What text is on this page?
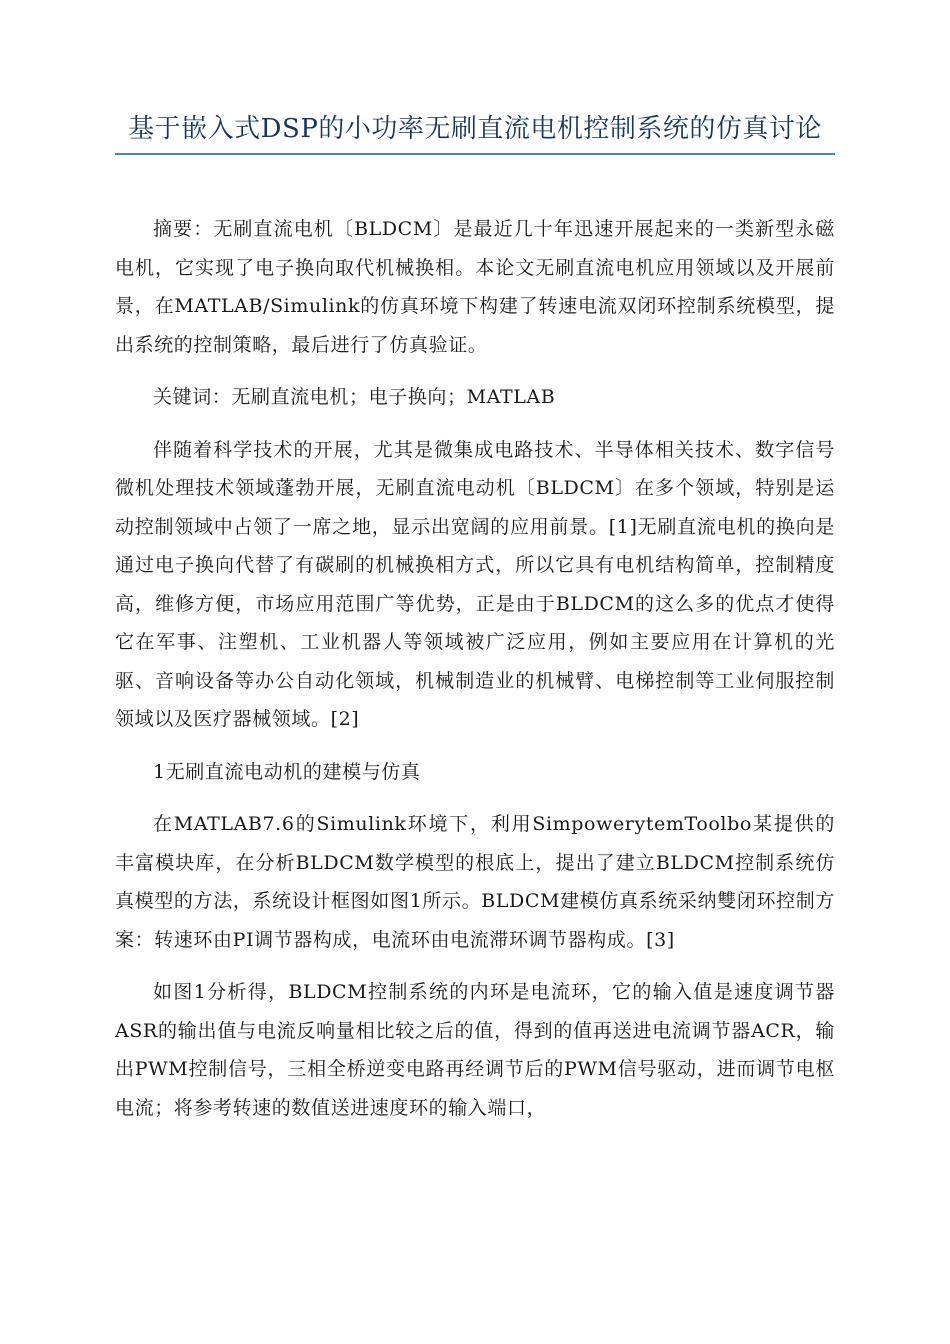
基于嵌入式DSP的小功率无刷直流电机控制系统的仿真讨论

摘要：无刷直流电机〔BLDCM〕是最近几十年迅速开展起来的一类新型永磁电机，它实现了电子换向取代机械换相。本论文无刷直流电机应用领域以及开展前景，在MATLAB/Simulink的仿真环境下构建了转速电流双闭环控制系统模型，提出系统的控制策略，最后进行了仿真验证。

关键词：无刷直流电机；电子换向；MATLAB

伴随着科学技术的开展，尤其是微集成电路技术、半导体相关技术、数字信号微机处理技术领域蓬勃开展，无刷直流电动机〔BLDCM〕在多个领域，特别是运动控制领域中占领了一席之地，显示出宽阔的应用前景。[1]无刷直流电机的换向是通过电子换向代替了有碳刷的机械换相方式，所以它具有电机结构简单，控制精度高，维修方便，市场应用范围广等优势，正是由于BLDCM的这么多的优点才使得它在军事、注塑机、工业机器人等领域被广泛应用，例如主要应用在计算机的光驱、音响设备等办公自动化领域，机械制造业的机械臂、电梯控制等工业伺服控制领域以及医疗器械领域。[2]

1无刷直流电动机的建模与仿真

在MATLAB7.6的Simulink环境下，利用SimpowerytemToolbo某提供的丰富模块库，在分析BLDCM数学模型的根底上，提出了建立BLDCM控制系统仿真模型的方法，系统设计框图如图1所示。BLDCM建模仿真系统采纳雙闭环控制方案：转速环由PI调节器构成，电流环由电流滞环调节器构成。[3]

如图1分析得，BLDCM控制系统的内环是电流环，它的输入值是速度调节器ASR的输出值与电流反响量相比较之后的值，得到的值再送进电流调节器ACR，输出PWM控制信号，三相全桥逆变电路再经调节后的PWM信号驱动，进而调节电枢电流；将参考转速的数值送进速度环的输入端口，
